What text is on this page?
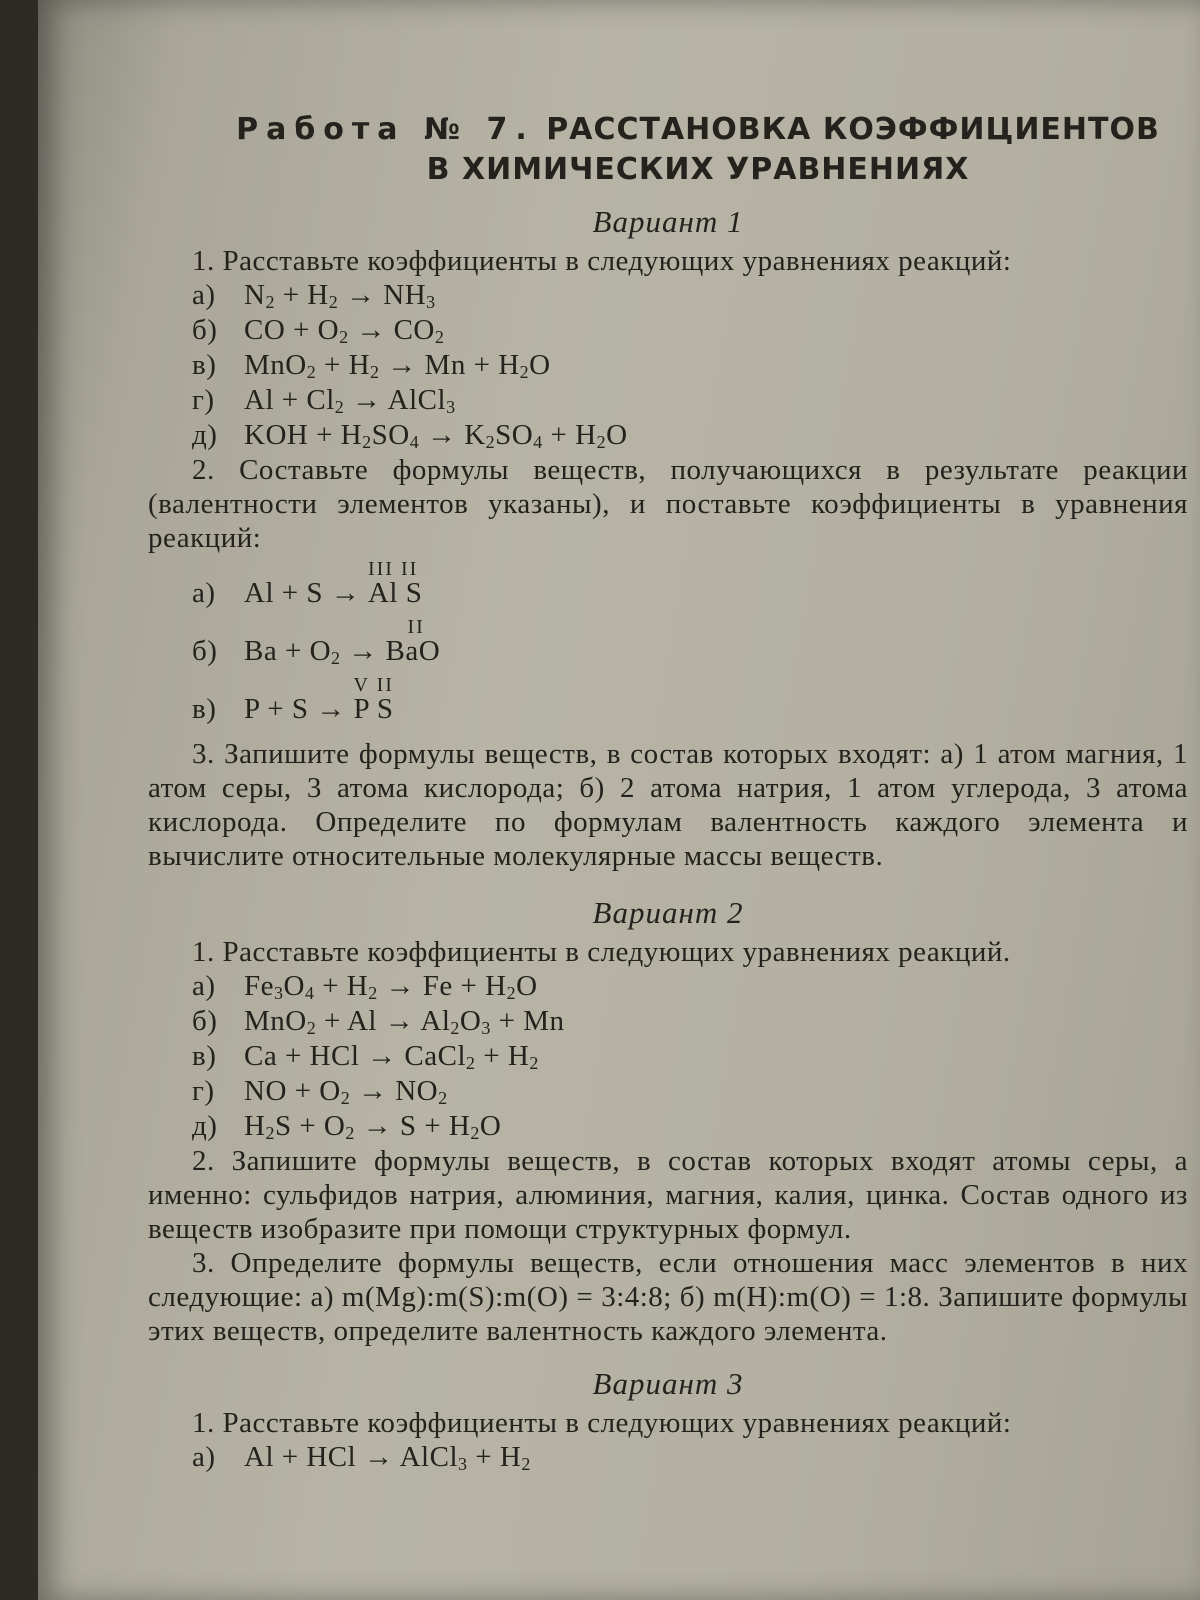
Работа № 7. РАССТАНОВКА КОЭФФИЦИЕНТОВ
В ХИМИЧЕСКИХ УРАВНЕНИЯХ
Вариант 1

1. Расставьте коэффициенты в следующих уравнениях реакций:

а) $N_2 + H_2 \to NH_3$
б) CO + $O_2 \to CO_2$
в) $MnO_2 + H_2 \to Mn + H_2O$
г) $Al + Cl_2$ → AlCl$_3$
д) KOH + $H_2SO_4 \to K_2SO_4 + H_2O$

2. Составьте формулы веществ, получающихся в результате реакции (валентности элементов указаны), и поставьте коэффициенты в уравнения реакций:

а) Al + S →
III II
Al S
б) $Ba + O_2$ →
II
BaO
в) P + S →
V II
P S

3. Запишите формулы веществ, в состав которых входят: а) 1 атом магния, 1 атом серы, 3 атома кислорода; б) 2 атома натрия, 1 атом углерода, 3 атома кислорода. Определите по формулам валентность каждого элемента и вычислите относительные молекулярные массы веществ.

Вариант 2

1. Расставьте коэффициенты в следующих уравнениях реакций.

а) $Fe_3O_4 + H_2 \to Fe + H_2O$
б) $MnO_2 + Al \to Al_2O_3 + Mn$
в) Ca + HCl → CaCl$_2$ + $H_2$
г) NO + $O_2 \to NO_2$
д) $H_2S + O_2 \to S + H_2O$

2. Запишите формулы веществ, в состав которых входят атомы серы, а именно: сульфидов натрия, алюминия, магния, калия, цинка. Состав одного из веществ изобразите при помощи структурных формул.

3. Определите формулы веществ, если отношения масс элементов в них следующие: а) m(Mg):m(S):m(O) = 3:4:8; б) m(H):m(O) = 1:8. Запишите формулы этих веществ, определите валентность каждого элемента.

Вариант 3

1. Расставьте коэффициенты в следующих уравнениях реакций:

а) Al + HCl → AlCl$_3$ + $H_2$
